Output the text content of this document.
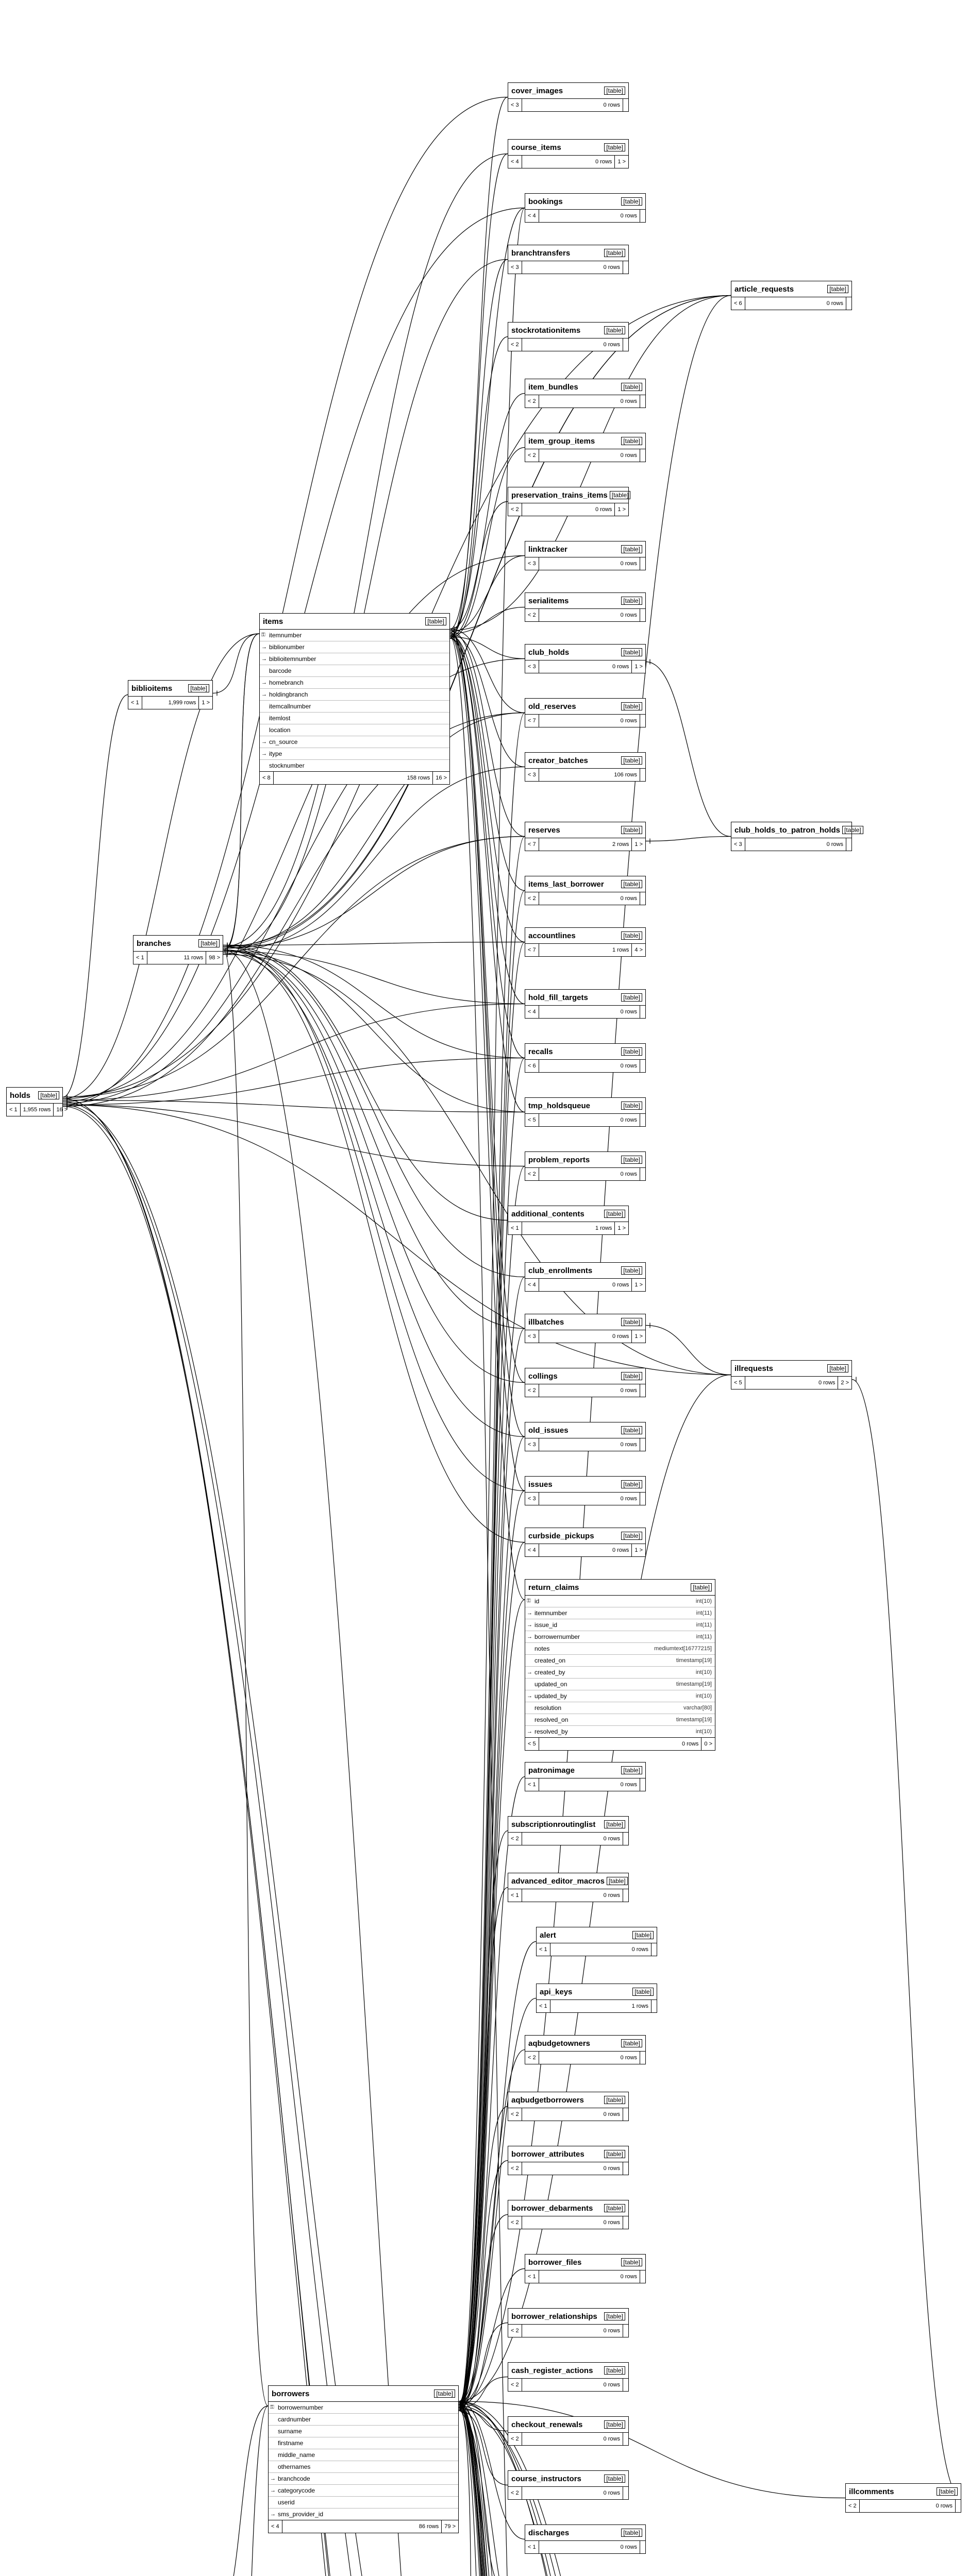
holds	[table]
< 1	1,955 rows	16 >
biblioitems	[table]
< 1	1,999 rows	1 >
branches	[table]
< 1	11 rows	98 >
items	[table]
⚿ itemnumber
→ biblionumber
→ biblioitemnumber
barcode
→ homebranch
→ holdingbranch
itemcallnumber
itemlost
location
→ cn_source
→ itype
stocknumber
< 8	158 rows	16 >
cover_images	[table]
< 3	0 rows
course_items	[table]
< 4	0 rows	1 >
bookings	[table]
< 4	0 rows
branchtransfers	[table]
< 3	0 rows
article_requests	[table]
< 6	0 rows
stockrotationitems	[table]
< 2	0 rows
item_bundles	[table]
< 2	0 rows
item_group_items	[table]
< 2	0 rows
preservation_trains_items [table]
< 2	0 rows	1 >
linktracker	[table]
< 3	0 rows
serialitems	[table]
< 2	0 rows
club_holds	[table]
< 3	0 rows	1 >
old_reserves	[table]
< 7	0 rows
creator_batches	[table]
< 3	106 rows
club_holds_to_patron_holds [table]
< 3	0 rows
reserves	[table]
< 7	2 rows	1 >
items_last_borrower	[table]
< 2	0 rows
accountlines	[table]
< 7	1 rows	4 >
hold_fill_targets	[table]
< 4	0 rows
recalls	[table]
< 6	0 rows
tmp_holdsqueue	[table]
< 5	0 rows
problem_reports	[table]
< 2	0 rows
additional_contents	[table]
< 1	1 rows	1 >
club_enrollments	[table]
< 4	0 rows	1 >
illbatches	[table]
< 3	0 rows	1 >
illrequests	[table]
< 5	0 rows	2 >
collings	[table]
< 2	0 rows
old_issues	[table]
< 3	0 rows
issues	[table]
< 3	0 rows
curbside_pickups	[table]
< 4	0 rows	1 >
return_claims	[table]
⚿ id	int(10)
→ itemnumber	int(11)
→ issue_id	int(11)
→ borrowernumber	int(11)
notes	mediumtext[16777215]
created_on	timestamp[19]
→ created_by	int(10)
updated_on	timestamp[19]
→ updated_by	int(10)
resolution	varchar[80]
resolved_on	timestamp[19]
→ resolved_by	int(10)
< 5	0 rows	0 >
patronimage	[table]
< 1	0 rows
subscriptionroutinglist	[table]
< 2	0 rows
advanced_editor_macros [table]
< 1	0 rows
alert	[table]
< 1	0 rows
api_keys	[table]
< 1	1 rows
aqbudgetowners	[table]
< 2	0 rows
aqbudgetborrowers	[table]
< 2	0 rows
borrower_attributes	[table]
< 2	0 rows
borrower_debarments	[table]
< 2	0 rows
borrower_files	[table]
< 1	0 rows
borrower_relationships	[table]
< 2	0 rows
cash_register_actions	[table]
< 2	0 rows
checkout_renewals	[table]
< 2	0 rows
course_instructors	[table]
< 2	0 rows
discharges	[table]
< 1	0 rows
borrowers	[table]
⚿ borrowernumber
cardnumber
surname
firstname
middle_name
othernames
→ branchcode
→ categorycode
userid
→ sms_provider_id
< 4	86 rows	79 >
illcomments	[table]
< 2	0 rows
